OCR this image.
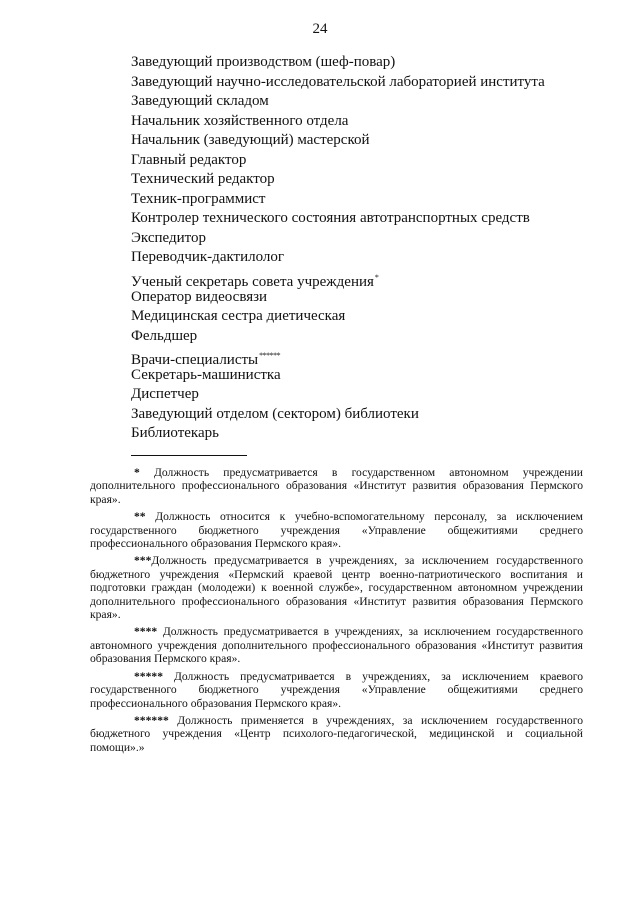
24
Заведующий производством (шеф-повар)
Заведующий научно-исследовательской лабораторией института
Заведующий складом
Начальник хозяйственного отдела
Начальник (заведующий) мастерской
Главный редактор
Технический редактор
Техник-программист
Контролер технического состояния автотранспортных средств
Экспедитор
Переводчик-дактилолог
Ученый секретарь совета учреждения*
Оператор видеосвязи
Медицинская сестра диетическая
Фельдшер
Врачи-специалисты******
Секретарь-машинистка
Диспетчер
Заведующий отделом (сектором) библиотеки
Библиотекарь

* Должность предусматривается в государственном автономном учреждении дополнительного профессионального образования «Институт развития образования Пермского края».

** Должность относится к учебно-вспомогательному персоналу, за исключением государственного бюджетного учреждения «Управление общежитиями среднего профессионального образования Пермского края».

***Должность предусматривается в учреждениях, за исключением государственного бюджетного учреждения «Пермский краевой центр военно-патриотического воспитания и подготовки граждан (молодежи) к военной службе», государственном автономном учреждении дополнительного профессионального образования «Институт развития образования Пермского края».

**** Должность предусматривается в учреждениях, за исключением государственного автономного учреждения дополнительного профессионального образования «Институт развития образования Пермского края».

***** Должность предусматривается в учреждениях, за исключением краевого государственного бюджетного учреждения «Управление общежитиями среднего профессионального образования Пермского края».

****** Должность применяется в учреждениях, за исключением государственного бюджетного учреждения «Центр психолого-педагогической, медицинской и социальной помощи».»
